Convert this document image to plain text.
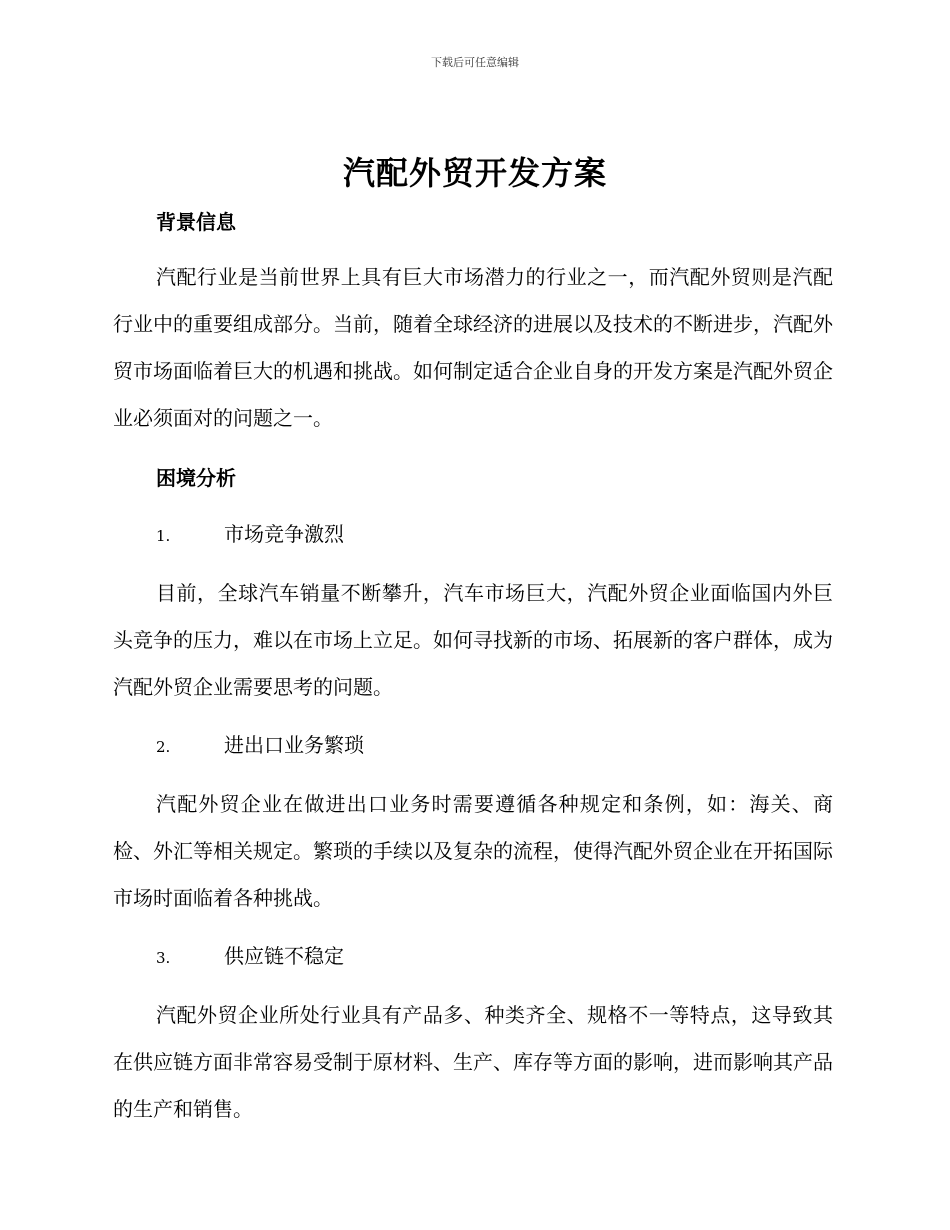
下载后可任意编辑
汽配外贸开发方案
背景信息

汽配行业是当前世界上具有巨大市场潜力的行业之一，而汽配外贸则是汽配行业中的重要组成部分。当前，随着全球经济的进展以及技术的不断进步，汽配外贸市场面临着巨大的机遇和挑战。如何制定适合企业自身的开发方案是汽配外贸企业必须面对的问题之一。

困境分析
1.	市场竞争激烈

目前，全球汽车销量不断攀升，汽车市场巨大，汽配外贸企业面临国内外巨头竞争的压力，难以在市场上立足。如何寻找新的市场、拓展新的客户群体，成为汽配外贸企业需要思考的问题。

2.	进出口业务繁琐

汽配外贸企业在做进出口业务时需要遵循各种规定和条例，如：海关、商检、外汇等相关规定。繁琐的手续以及复杂的流程，使得汽配外贸企业在开拓国际市场时面临着各种挑战。

3.	供应链不稳定

汽配外贸企业所处行业具有产品多、种类齐全、规格不一等特点，这导致其在供应链方面非常容易受制于原材料、生产、库存等方面的影响，进而影响其产品的生产和销售。
